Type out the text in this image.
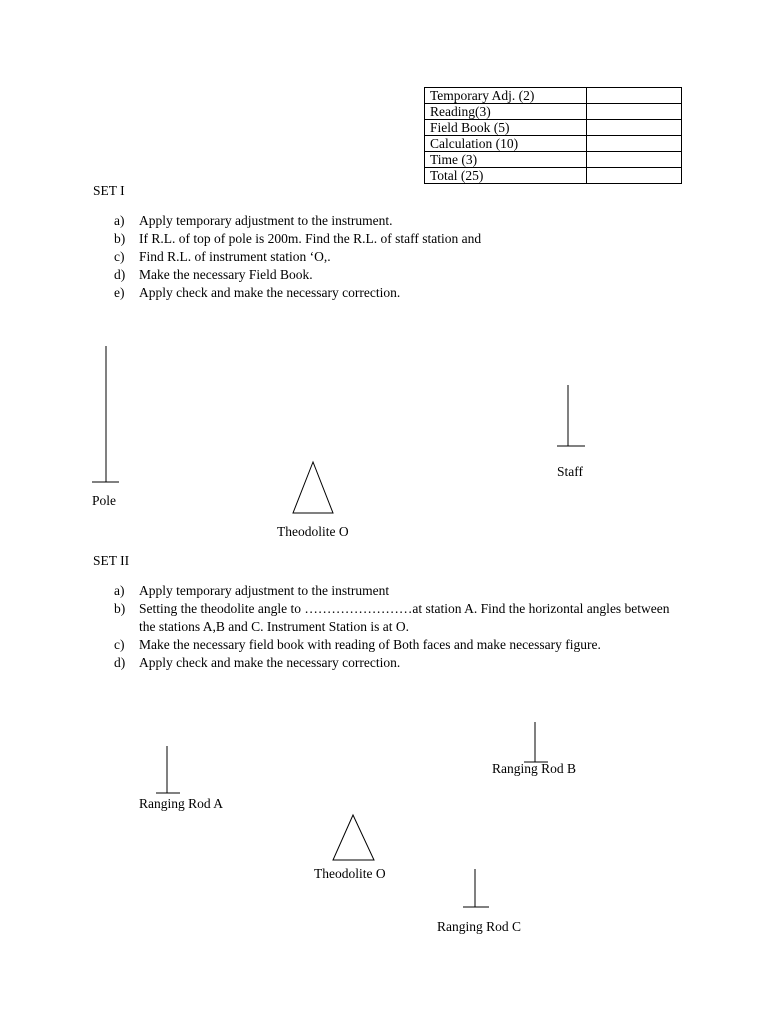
Temporary Adj. (2)	
Reading(3)	
Field Book (5)	
Calculation (10)	
Time (3)	
Total (25)	
SET I
a)	Apply temporary adjustment to the instrument.
b)	If R.L. of top of pole is 200m. Find the R.L. of staff station and
c)	Find R.L. of instrument station ‘O,.
d)	Make the necessary Field Book.
e)	Apply check and make the necessary correction.
Pole
Staff
Theodolite O
SET II
a)	Apply temporary adjustment to the instrument
b)	Setting the theodolite angle to ……………………at station A. Find the horizontal angles between the stations A,B and C. Instrument Station is at O.
c)	Make the necessary field book with reading of Both faces and make necessary figure.
d)	Apply check and make the necessary correction.
Ranging Rod A
Ranging Rod B
Ranging Rod C
Theodolite O
